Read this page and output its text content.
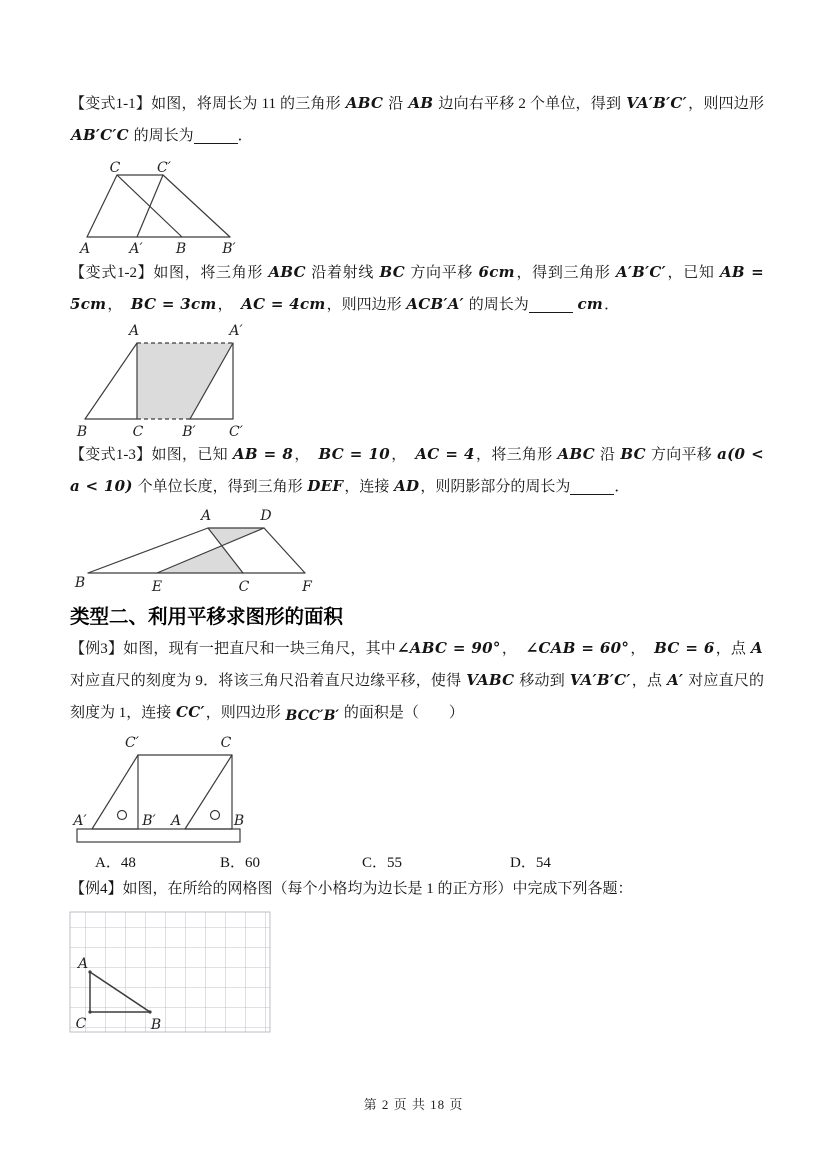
【变式1-1】如图，将周长为 11 的三角形 ABC 沿 AB 边向右平移 2 个单位，得到 VA′B′C′，则四边形 AB′C′C 的周长为	．

A	A′ B	B′
C	C′

【变式1-2】如图，将三角形 ABC 沿着射线 BC 方向平移 6cm，得到三角形 A′B′C′，已知 AB = 5cm，　BC = 3cm，　AC = 4cm，则四边形 ACB′A′ 的周长为	cm．

A	A′
B	C	B′ C′

【变式1-3】如图，已知 AB = 8，　BC = 10，　AC = 4，将三角形 ABC 沿 BC 方向平移 a(0 < a < 10) 个单位长度，得到三角形 DEF，连接 AD，则阴影部分的周长为	．

B	E	C	F
A	D
类型二、利用平移求图形的面积

【例3】如图，现有一把直尺和一块三角尺，其中∠ABC = 90°，　∠CAB = 60°，　BC = 6，点 A 对应直尺的刻度为 9．将该三角尺沿着直尺边缘平移，使得 VABC 移动到 VA′B′C′，点 A′ 对应直尺的刻度为 1，连接 CC′，则四边形 BCC′B′ 的面积是（　　）

C′	C
A′	B′ A	B
A．48	B．60	C．55	D．54

【例4】如图，在所给的网格图（每个小格均为边长是 1 的正方形）中完成下列各题：

A
C	B
第 2 页 共 18 页
